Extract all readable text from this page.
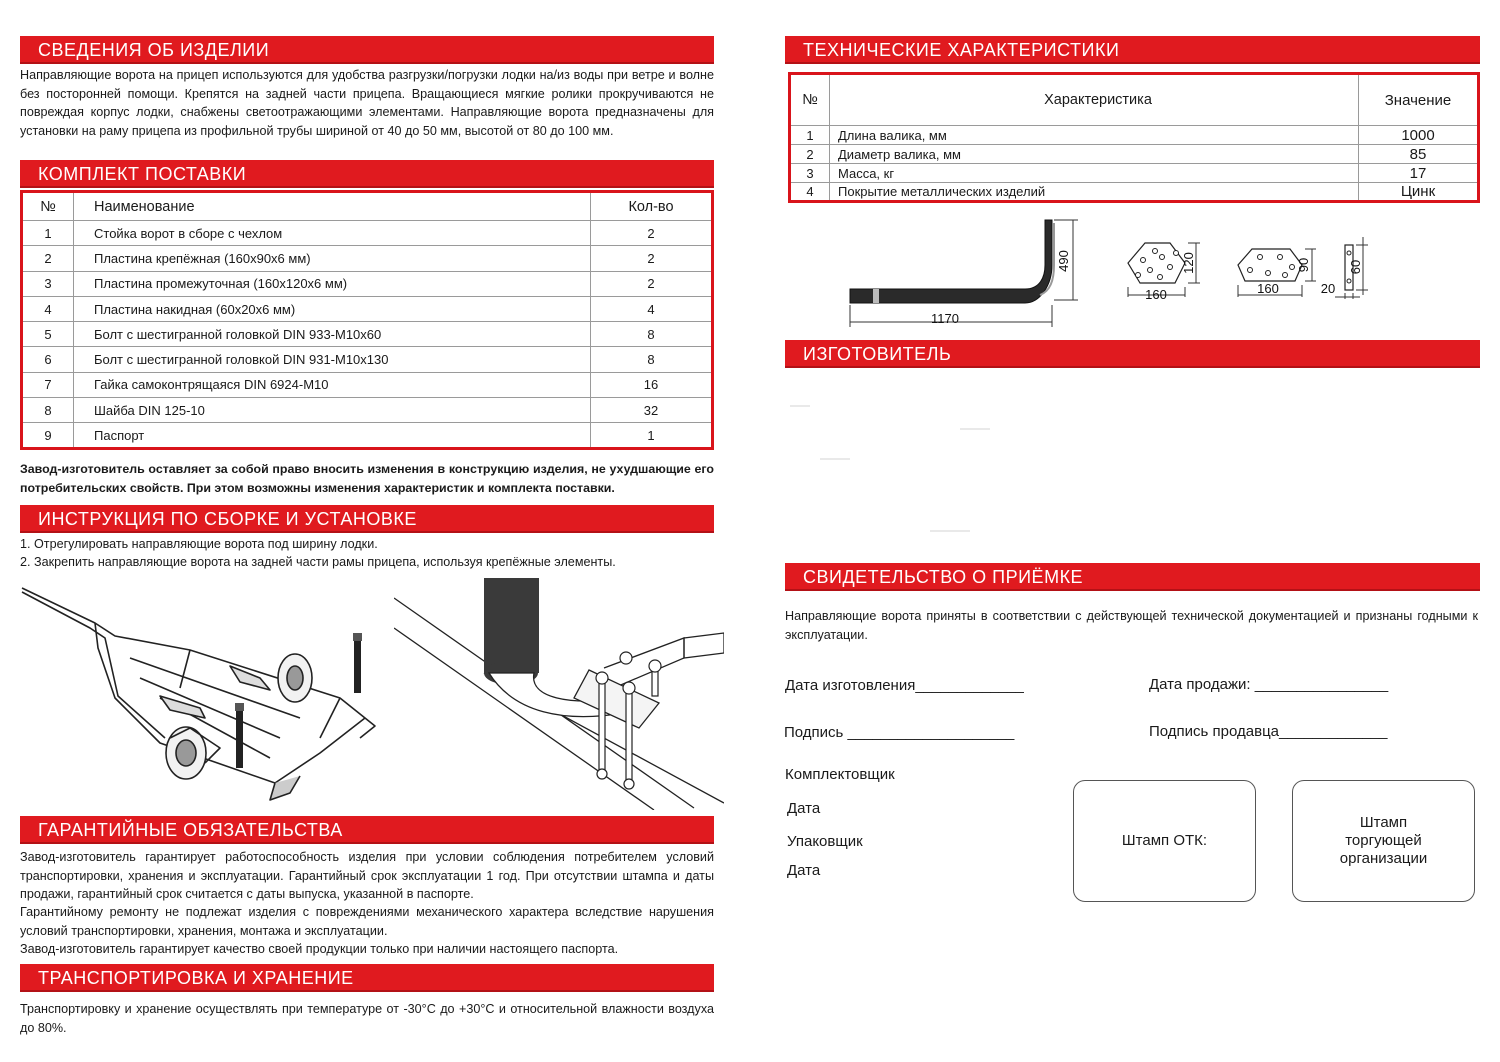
СВЕДЕНИЯ ОБ ИЗДЕЛИИ

Направляющие ворота на прицеп используются для удобства разгрузки/погрузки лодки на/из воды при ветре и волне без посторонней помощи. Крепятся на задней части прицепа. Вращающиеся мягкие ролики прокручиваются не повреждая корпус лодки, снабжены светоотражающими элементами. Направляющие ворота предназначены для установки на раму прицепа из профильной трубы шириной от 40 до 50 мм, высотой от 80 до 100 мм.

КОМПЛЕКТ ПОСТАВКИ
№	Наименование	Кол-во
1	Стойка ворот в сборе с чехлом	2
2	Пластина крепёжная (160х90х6 мм)	2
3	Пластина промежуточная (160х120х6 мм)	2
4	Пластина накидная (60х20х6 мм)	4
5	Болт с шестигранной головкой DIN 933-M10x60	8
6	Болт с шестигранной головкой DIN 931-M10x130	8
7	Гайка самоконтрящаяся DIN 6924-M10	16
8	Шайба DIN 125-10	32
9	Паспорт	1

Завод-изготовитель оставляет за собой право вносить изменения в конструкцию изделия, не ухудшающие его потребительских свойств. При этом возможны изменения характеристик и комплекта поставки.

ИНСТРУКЦИЯ ПО СБОРКЕ И УСТАНОВКЕ

1. Отрегулировать направляющие ворота под ширину лодки.

2. Закрепить направляющие ворота на задней части рамы прицепа, используя крепёжные элементы.

ГАРАНТИЙНЫЕ ОБЯЗАТЕЛЬСТВА

Завод-изготовитель гарантирует работоспособность изделия при условии соблюдения потребителем условий транспортировки, хранения и эксплуатации. Гарантийный срок эксплуатации 1 год. При отсутствии штампа и даты продажи, гарантийный срок считается с даты выпуска, указанной в паспорте.

Гарантийному ремонту не подлежат изделия с повреждениями механического характера вследствие нарушения условий транспортировки, хранения, монтажа и эксплуатации.

Завод-изготовитель гарантирует качество своей продукции только при наличии настоящего паспорта.

ТРАНСПОРТИРОВКА И ХРАНЕНИЕ

Транспортировку и хранение осуществлять при температуре от -30°C до +30°C и относительной влажности воздуха до 80%.

ТЕХНИЧЕСКИЕ ХАРАКТЕРИСТИКИ
№	Характеристика	Значение
1	Длина валика, мм	1000
2	Диаметр валика, мм	85
3	Масса, кг	17
4	Покрытие металлических изделий	Цинк
1170
490
160
120
160
90
20
60
ИЗГОТОВИТЕЛЬ
СВИДЕТЕЛЬСТВО О ПРИЁМКЕ

Направляющие ворота приняты в соответствии с действующей технической документацией и признаны годными к эксплуатации.

Дата изготовления_____________	Дата продажи: ________________
Подпись ____________________	Подпись продавца_____________
Комплектовщик
Дата
Упаковщик
Дата
Штамп ОТК:
Штамп
торгующей
организации
